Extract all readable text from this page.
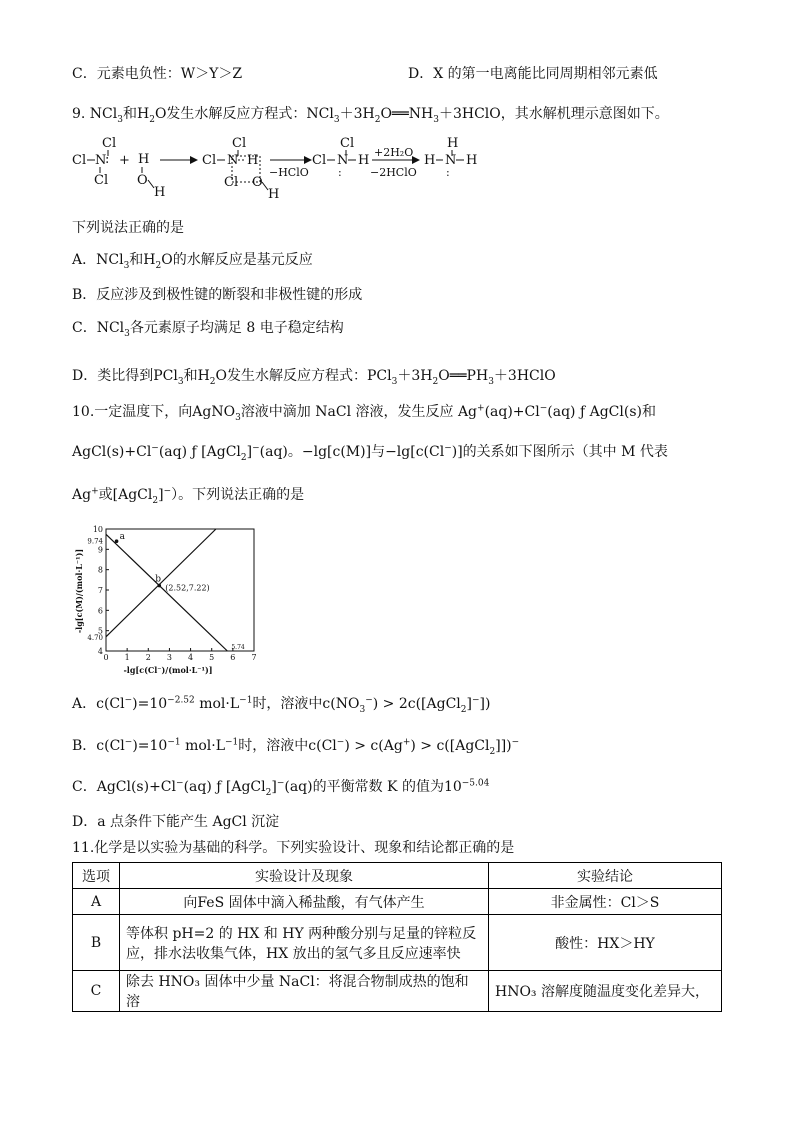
C．元素电负性：W＞Y＞Z	D．X 的第一电离能比同周期相邻元素低
9. NCl$_3$和$H_2O$发生水解反应方程式：$NCl_3+3H_2O══NH_3+3HClO$，其水解机理示意图如下。
Cl
Cl N
:
Cl
+ H
O
H
Cl
Cl N H
Cl O
H
−HClO
Cl
Cl N H
:
+2H₂O
−2HClO
H
H N H
:
下列说法正确的是
A．NCl$_3$和$H_2O$的水解反应是基元反应
B．反应涉及到极性键的断裂和非极性键的形成
C．NCl$_3$各元素原子均满足 8 电子稳定结构
D．类比得到PCl$_3$和$H_2O$发生水解反应方程式：$PCl_3+3H_2O══PH_3+3HClO$
10.一定温度下，向AgNO$_3$溶液中滴加 NaCl 溶液，发生反应 Ag+(aq)+Cl−(aq) ƒ AgCl(s)和
AgCl(s)+Cl−(aq) ƒ [AgCl$_2$]−(aq)。−lg[c(M)]与−lg[c(Cl−)]的关系如下图所示（其中 M 代表
Ag+或[AgCl$_2$]−）。下列说法正确的是
0 1 2 3 4 5 6 7
4
5
6
7
8
9
10
9.74
4.70
5.74
a
b
(2.52,7.22)
-lg[c(Cl⁻)/(mol·L⁻¹)]
-lg[c(M)/(mol·L⁻¹)]
A．$c(Cl^-)=10^{-2.52}$ $mol\cdot L^{-1}$时，溶液中$c(NO_3^-)$ > 2c([AgCl$_2$]−])
B．$c(Cl^-)=10^{-1}$ $mol\cdot L^{-1}$时，溶液中c(Cl−) > c(Ag+) > c([AgCl$_2$]])−
C．AgCl(s)+Cl−(aq) ƒ [AgCl$_2$]−(aq)的平衡常数 K 的值为$10^{-5.04}$
D．a 点条件下能产生 AgCl 沉淀
11.化学是以实验为基础的科学。下列实验设计、现象和结论都正确的是
选项	实验设计及现象	实验结论
A	向FeS 固体中滴入稀盐酸，有气体产生	非金属性：Cl＞S
B	等体积 pH=2 的 HX 和 HY 两种酸分别与足量的锌粒反
应，排水法收集气体，HX 放出的氢气多且反应速率快	酸性：HX＞HY
C	除去 HNO₃ 固体中少量 NaCl：将混合物制成热的饱和溶	HNO₃ 溶解度随温度变化差异大，
